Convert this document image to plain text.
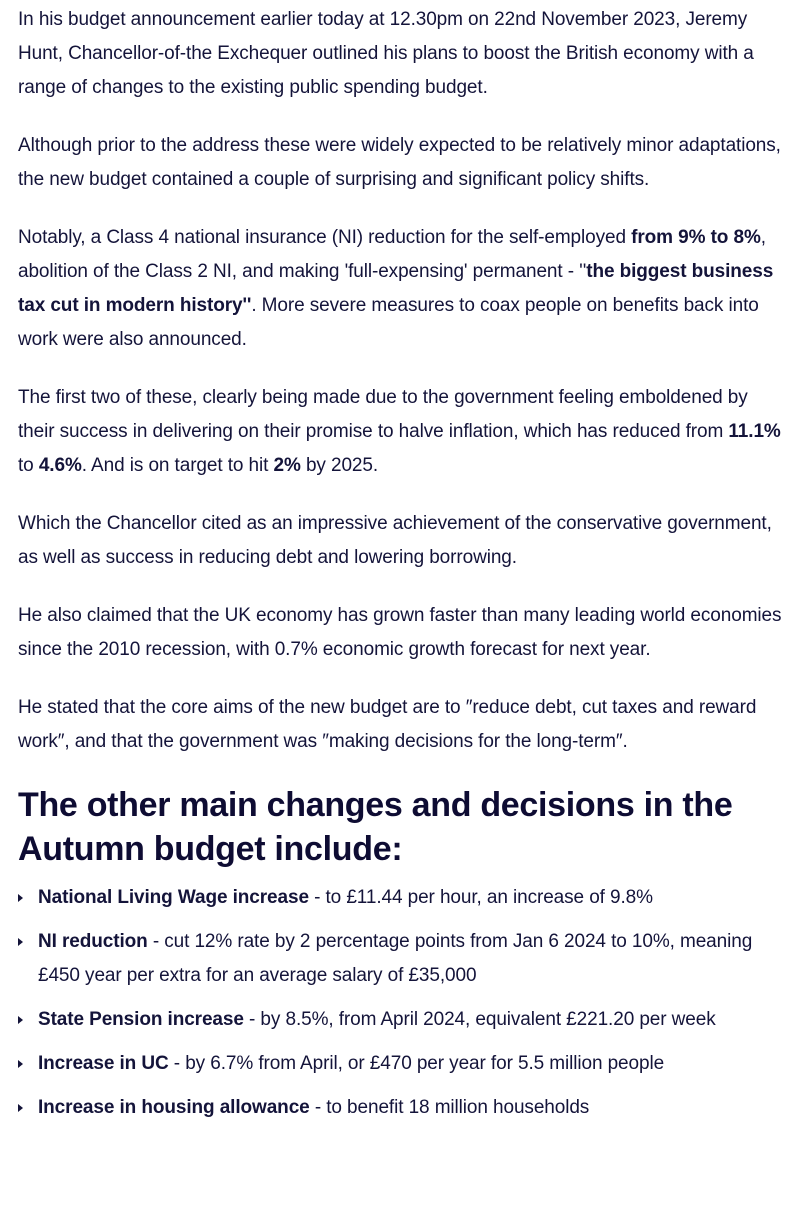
In his budget announcement earlier today at 12.30pm on 22nd November 2023, Jeremy Hunt, Chancellor-of-the Exchequer outlined his plans to boost the British economy with a range of changes to the existing public spending budget.

Although prior to the address these were widely expected to be relatively minor adaptations, the new budget contained a couple of surprising and significant policy shifts.

Notably, a Class 4 national insurance (NI) reduction for the self-employed from 9% to 8%, abolition of the Class 2 NI, and making 'full-expensing' permanent - ''the biggest business tax cut in modern history''. More severe measures to coax people on benefits back into work were also announced.

The first two of these, clearly being made due to the government feeling emboldened by their success in delivering on their promise to halve inflation, which has reduced from 11.1% to 4.6%. And is on target to hit 2% by 2025.

Which the Chancellor cited as an impressive achievement of the conservative government, as well as success in reducing debt and lowering borrowing.

He also claimed that the UK economy has grown faster than many leading world economies since the 2010 recession, with 0.7% economic growth forecast for next year.

He stated that the core aims of the new budget are to ″reduce debt, cut taxes and reward work″, and that the government was ″making decisions for the long-term″.

The other main changes and decisions in the Autumn budget include:
National Living Wage increase - to £11.44 per hour, an increase of 9.8%
NI reduction - cut 12% rate by 2 percentage points from Jan 6 2024 to 10%, meaning £450 year per extra for an average salary of £35,000
State Pension increase - by 8.5%, from April 2024, equivalent £221.20 per week
Increase in UC - by 6.7% from April, or £470 per year for 5.5 million people
Increase in housing allowance - to benefit 18 million households
